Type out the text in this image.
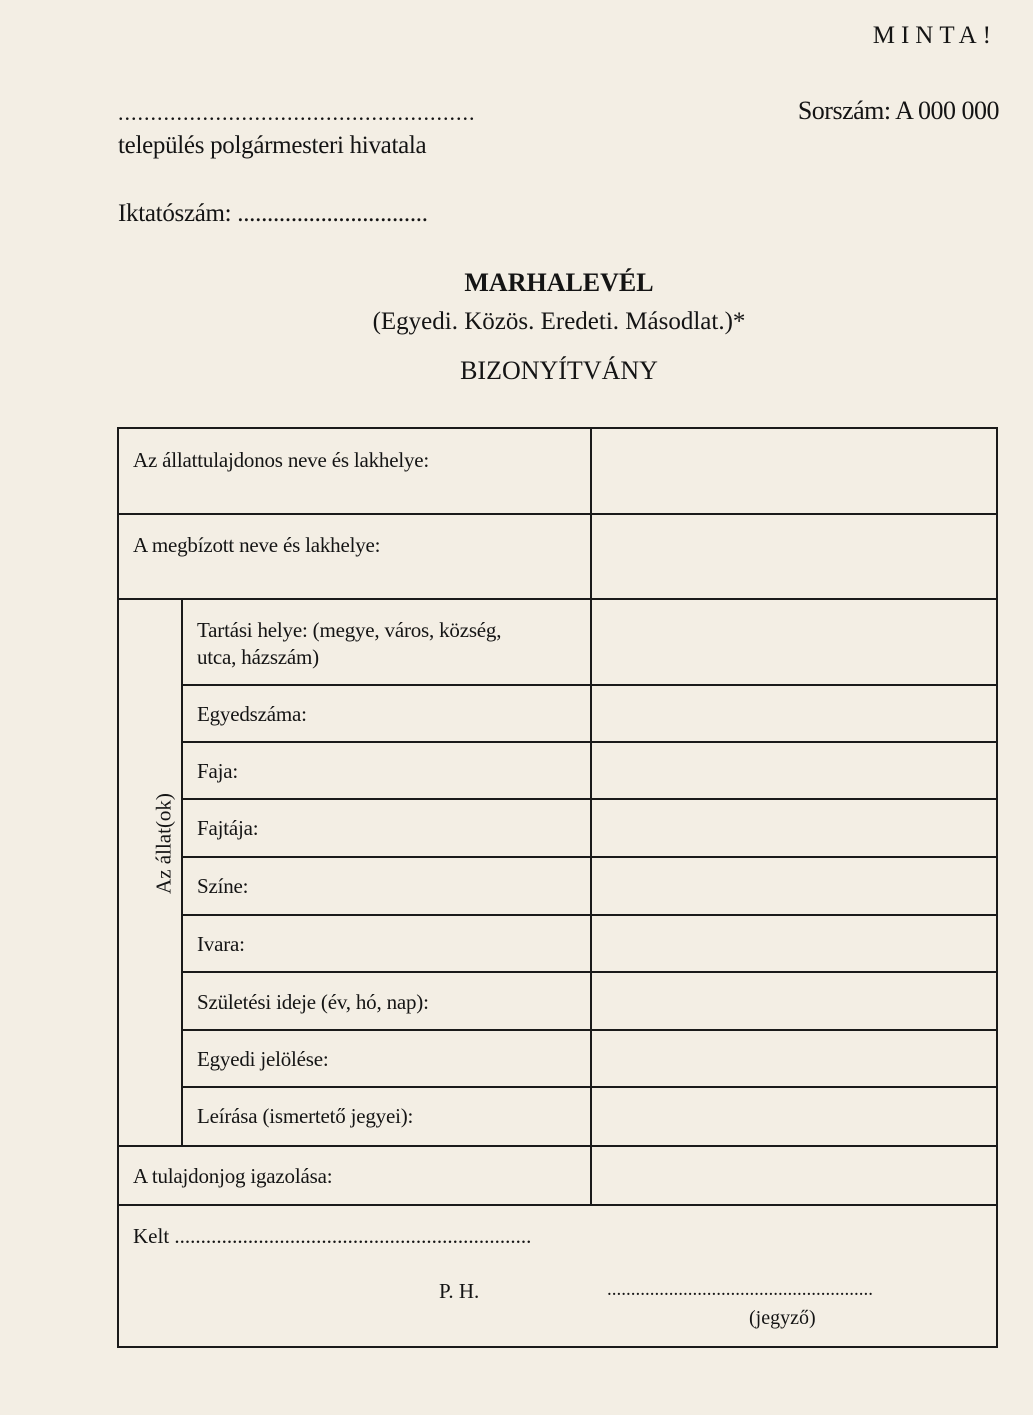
MINTA!
.......................................................
település polgármesteri hivatala
Sorszám: A 000 000
Iktatószám: ................................
MARHALEVÉL
(Egyedi. Közös. Eredeti. Másodlat.)*
BIZONYÍTVÁNY
Az állattulajdonos neve és lakhelye:
A megbízott neve és lakhelye:
Az állat(ok)
Tartási helye: (megye, város, község,
utca, házszám)
Egyedszáma:
Faja:
Fajtája:
Színe:
Ivara:
Születési ideje (év, hó, nap):
Egyedi jelölése:
Leírása (ismertető jegyei):
A tulajdonjog igazolása:
Kelt ....................................................................
P. H.	........................................................
(jegyző)
